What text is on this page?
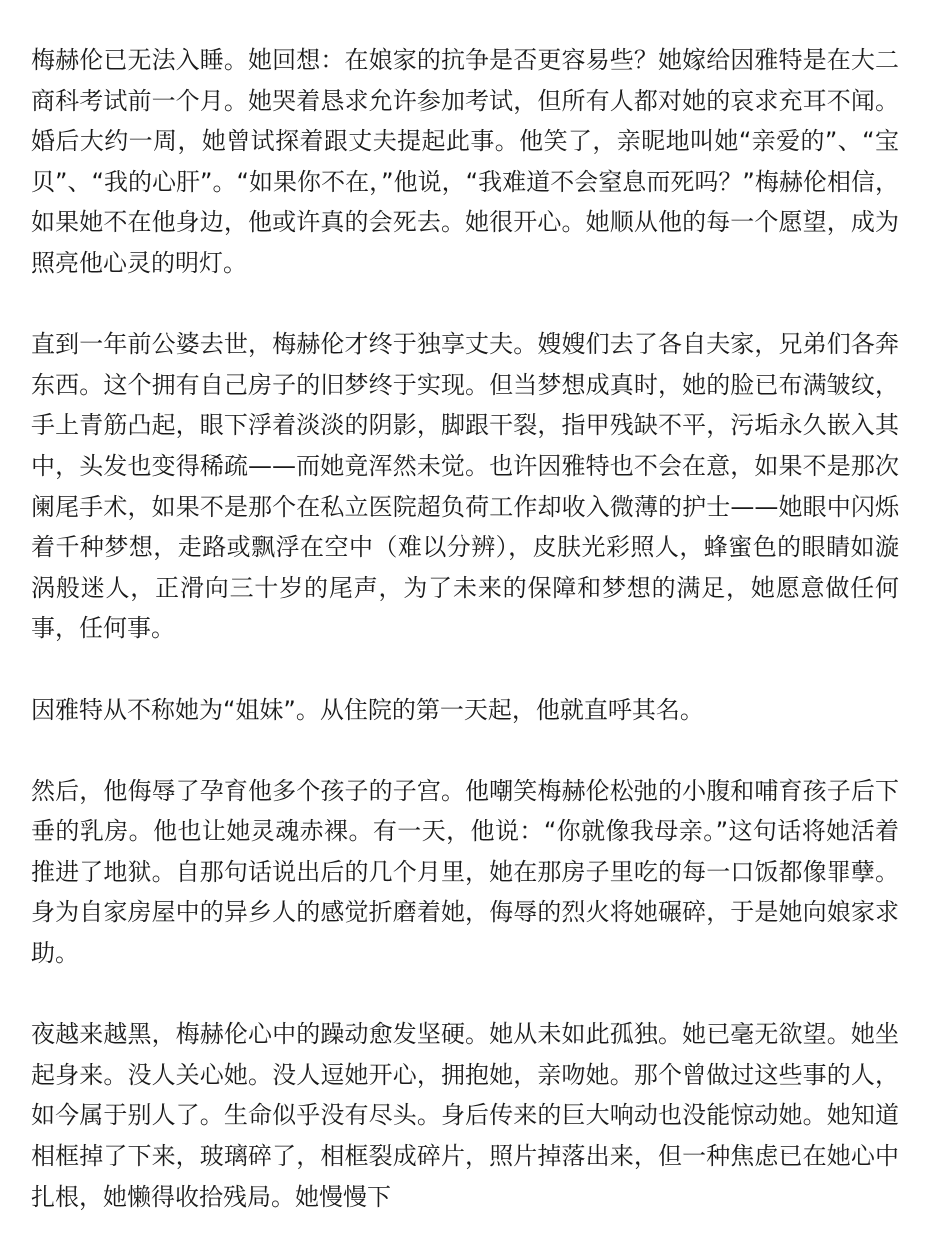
梅赫伦已无法入睡。她回想：在娘家的抗争是否更容易些？她嫁给因雅特是在大二商科考试前一个月。她哭着恳求允许参加考试，但所有人都对她的哀求充耳不闻。婚后大约一周，她曾试探着跟丈夫提起此事。他笑了，亲昵地叫她“亲爱的”、“宝贝”、“我的心肝”。“如果你不在，”他说，“我难道不会窒息而死吗？”梅赫伦相信，如果她不在他身边，他或许真的会死去。她很开心。她顺从他的每一个愿望，成为照亮他心灵的明灯。

直到一年前公婆去世，梅赫伦才终于独享丈夫。嫂嫂们去了各自夫家，兄弟们各奔东西。这个拥有自己房子的旧梦终于实现。但当梦想成真时，她的脸已布满皱纹，手上青筋凸起，眼下浮着淡淡的阴影，脚跟干裂，指甲残缺不平，污垢永久嵌入其中，头发也变得稀疏——而她竟浑然未觉。也许因雅特也不会在意，如果不是那次阑尾手术，如果不是那个在私立医院超负荷工作却收入微薄的护士——她眼中闪烁着千种梦想，走路或飘浮在空中（难以分辨），皮肤光彩照人，蜂蜜色的眼睛如漩涡般迷人，正滑向三十岁的尾声，为了未来的保障和梦想的满足，她愿意做任何事，任何事。

因雅特从不称她为“姐妹”。从住院的第一天起，他就直呼其名。

然后，他侮辱了孕育他多个孩子的子宫。他嘲笑梅赫伦松弛的小腹和哺育孩子后下垂的乳房。他也让她灵魂赤裸。有一天，他说：“你就像我母亲。”这句话将她活着推进了地狱。自那句话说出后的几个月里，她在那房子里吃的每一口饭都像罪孽。身为自家房屋中的异乡人的感觉折磨着她，侮辱的烈火将她碾碎，于是她向娘家求助。

夜越来越黑，梅赫伦心中的躁动愈发坚硬。她从未如此孤独。她已毫无欲望。她坐起身来。没人关心她。没人逗她开心，拥抱她，亲吻她。那个曾做过这些事的人，如今属于别人了。生命似乎没有尽头。身后传来的巨大响动也没能惊动她。她知道相框掉了下来，玻璃碎了，相框裂成碎片，照片掉落出来，但一种焦虑已在她心中扎根，她懒得收拾残局。她慢慢下
